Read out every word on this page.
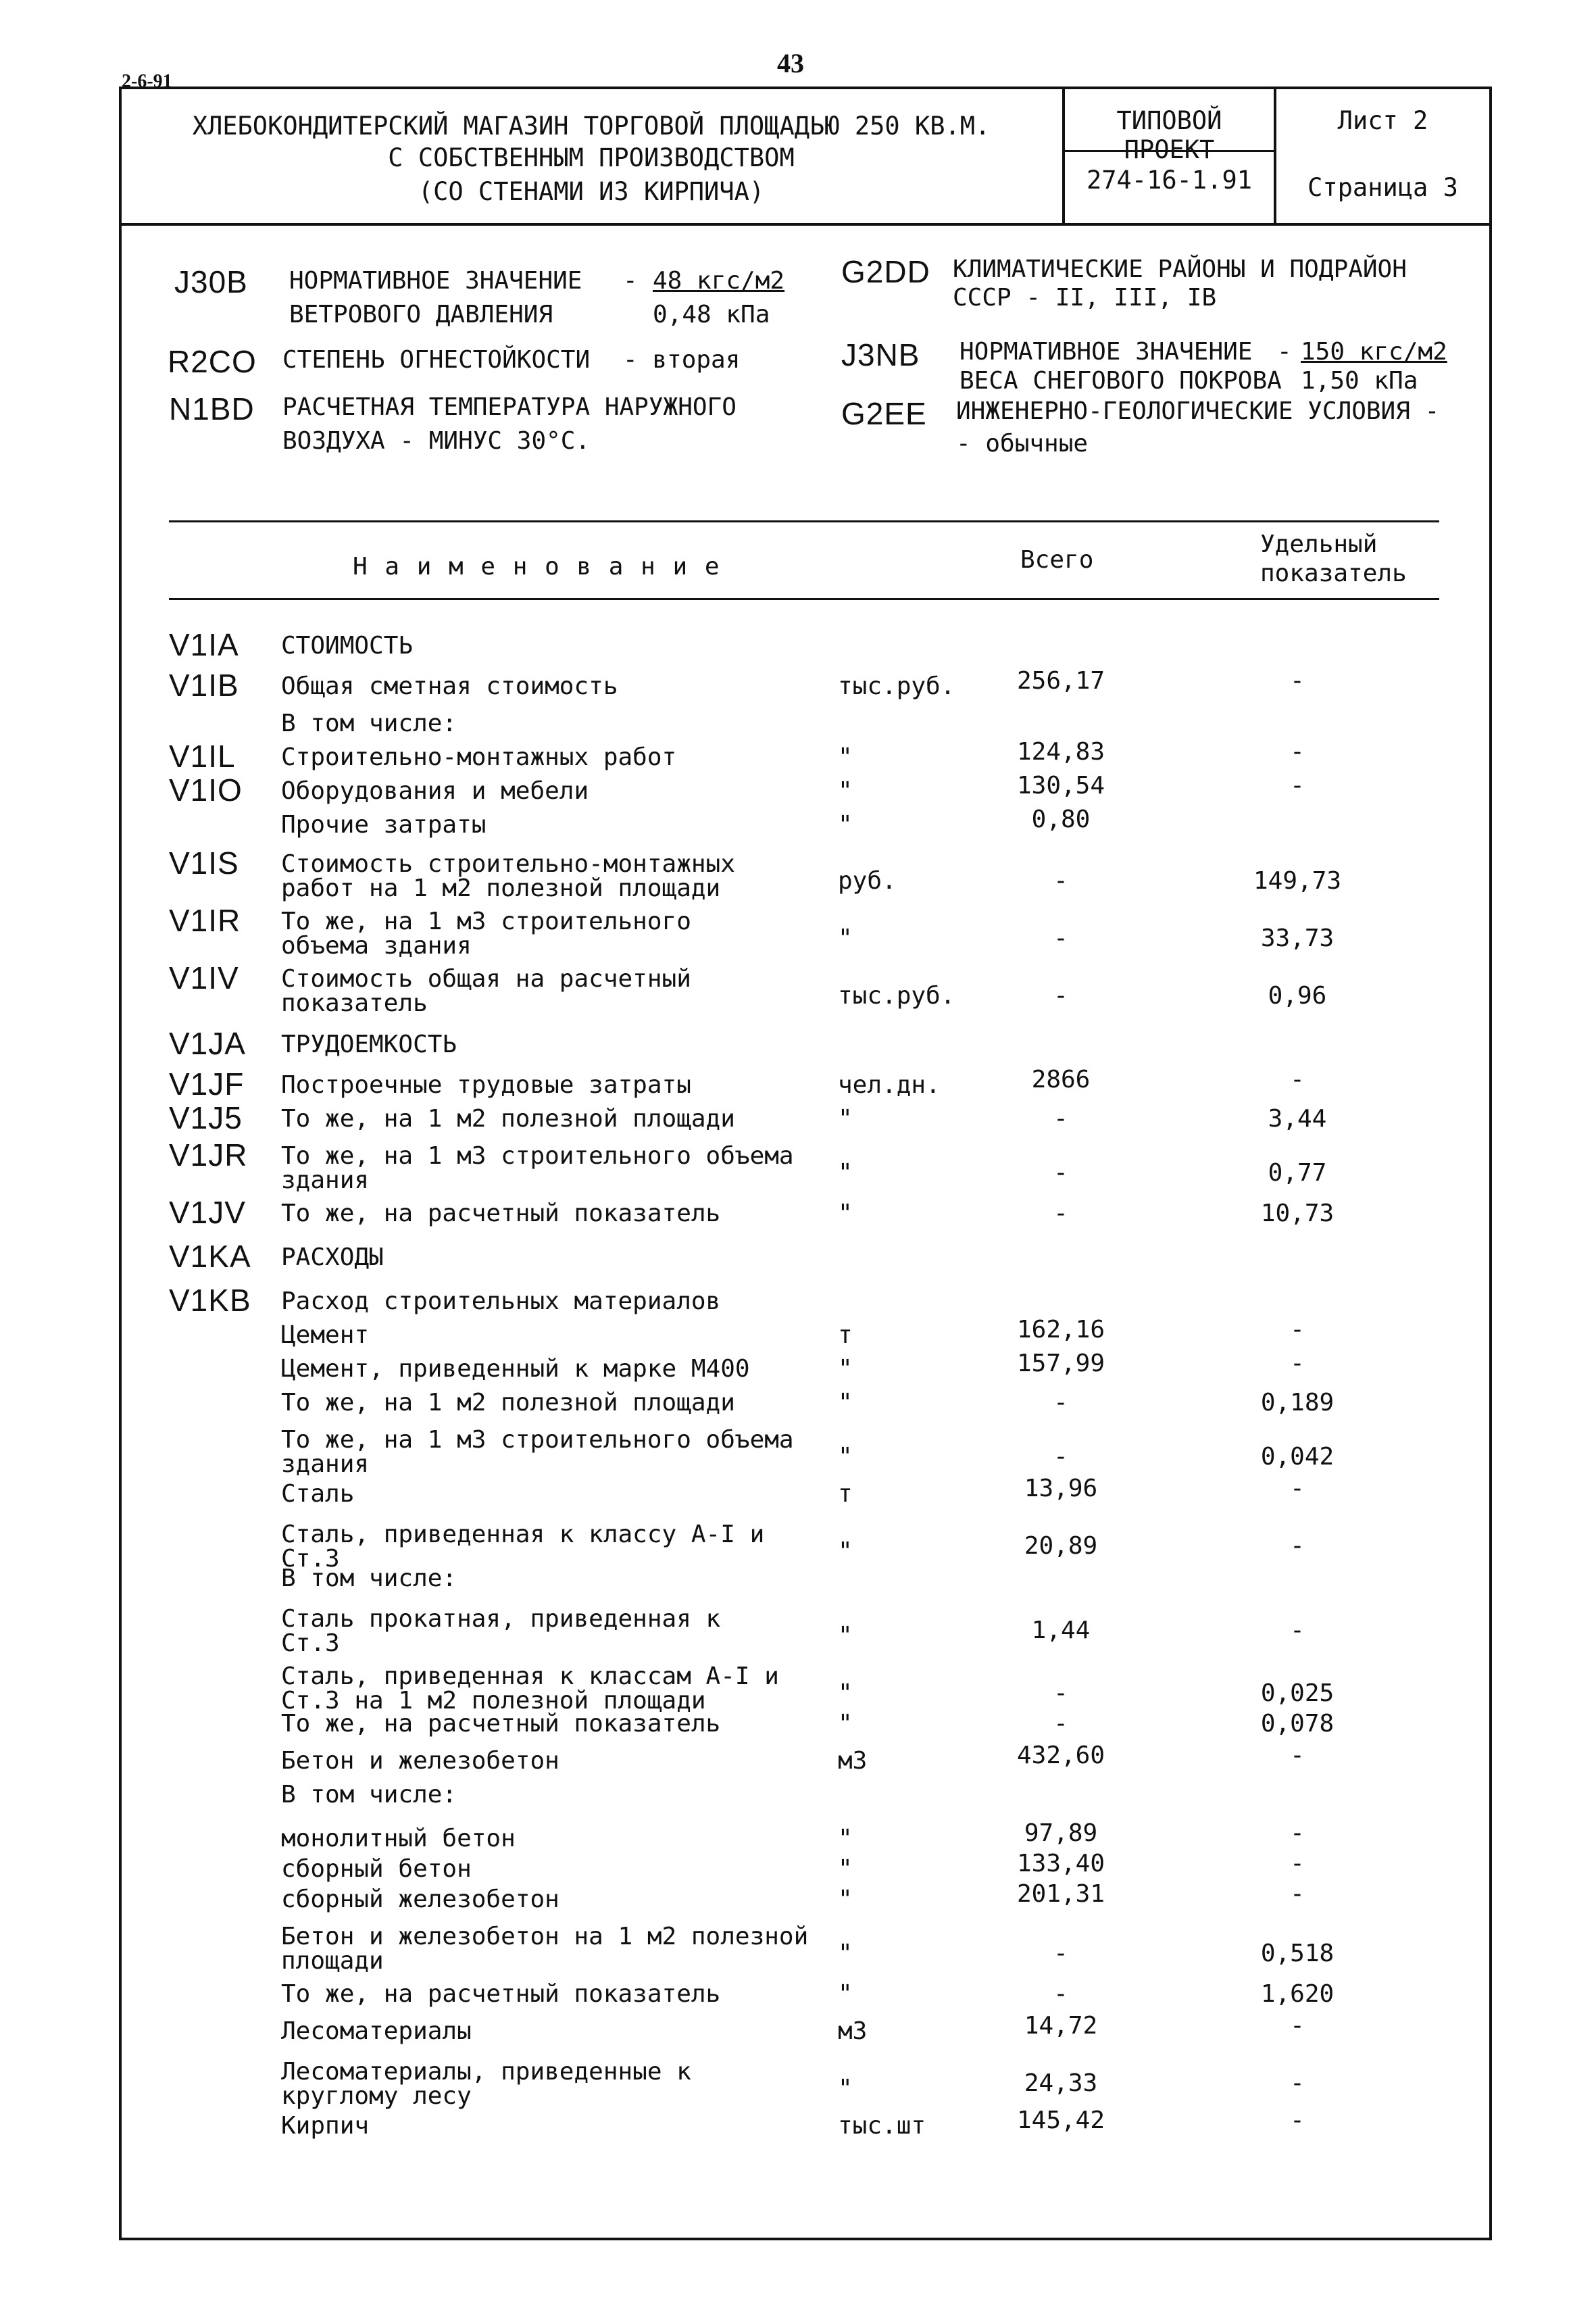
43
2-6-91
ХЛЕБОКОНДИТЕРСКИЙ МАГАЗИН ТОРГОВОЙ ПЛОЩАДЬЮ 250 КВ.М.
С СОБСТВЕННЫМ ПРОИЗВОДСТВОМ
(СО СТЕНАМИ ИЗ КИРПИЧА)
ТИПОВОЙ ПРОЕКТ
274-16-1.91
Лист 2
Страница 3
J30B НОРМАТИВНОЕ ЗНАЧЕНИЕ
ВЕТРОВОГО ДАВЛЕНИЯ
- 48 кгс/м2
0,48 кПа
R2CO СТЕПЕНЬ ОГНЕСТОЙКОСТИ - вторая
N1BD РАСЧЕТНАЯ ТЕМПЕРАТУРА НАРУЖНОГО
ВОЗДУХА - МИНУС 30°С.
G2DD КЛИМАТИЧЕСКИЕ РАЙОНЫ И ПОДРАЙОН
СССР - II, III, IB
J3NB НОРМАТИВНОЕ ЗНАЧЕНИЕ
ВЕСА СНЕГОВОГО ПОКРОВА
- 150 кгс/м2
1,50 кПа
G2EE ИНЖЕНЕРНО-ГЕОЛОГИЧЕСКИЕ УСЛОВИЯ -
- обычные
Н а и м е н о в а н и е	Всего
Удельный
показатель
V1IA СТОИМОСТЬ
V1IB Общая сметная стоимость	тыс.руб.	256,17	-
В том числе:
V1IL Строительно-монтажных работ	"	124,83	-
V1IO Оборудования и мебели	"	130,54	-
Прочие затраты	"	0,80
V1IS Стоимость строительно-монтажных
работ на 1 м2 полезной площади	руб.	-	149,73
V1IR То же, на 1 м3 строительного
объема здания	"	-	33,73
V1IV Стоимость общая на расчетный
показатель	тыс.руб.	-	0,96
V1JA ТРУДОЕМКОСТЬ
V1JF Построечные трудовые затраты	чел.дн.	2866	-
V1J5 То же, на 1 м2 полезной площади	"	-	3,44
V1JR То же, на 1 м3 строительного объема
здания	"	-	0,77
V1JV То же, на расчетный показатель	"	-	10,73
V1KA РАСХОДЫ
V1KB Расход строительных материалов
Цемент	т	162,16	-
Цемент, приведенный к марке М400	"	157,99	-
То же, на 1 м2 полезной площади	"	-	0,189
То же, на 1 м3 строительного объема
здания	"	-	0,042
Сталь	т	13,96	-
Сталь, приведенная к классу А-I и
Ст.3	"	20,89	-
В том числе:
Сталь прокатная, приведенная к
Ст.3	"	1,44	-
Сталь, приведенная к классам А-I и
Ст.3 на 1 м2 полезной площади	"	-	0,025
То же, на расчетный показатель	"	-	0,078
Бетон и железобетон	м3	432,60	-
В том числе:
монолитный бетон	"	97,89	-
сборный бетон	"	133,40	-
сборный железобетон	"	201,31	-
Бетон и железобетон на 1 м2 полезной
площади	"	-	0,518
То же, на расчетный показатель	"	-	1,620
Лесоматериалы	м3	14,72	-
Лесоматериалы, приведенные к
круглому лесу	"	24,33	-
Кирпич	тыс.шт	145,42	-
